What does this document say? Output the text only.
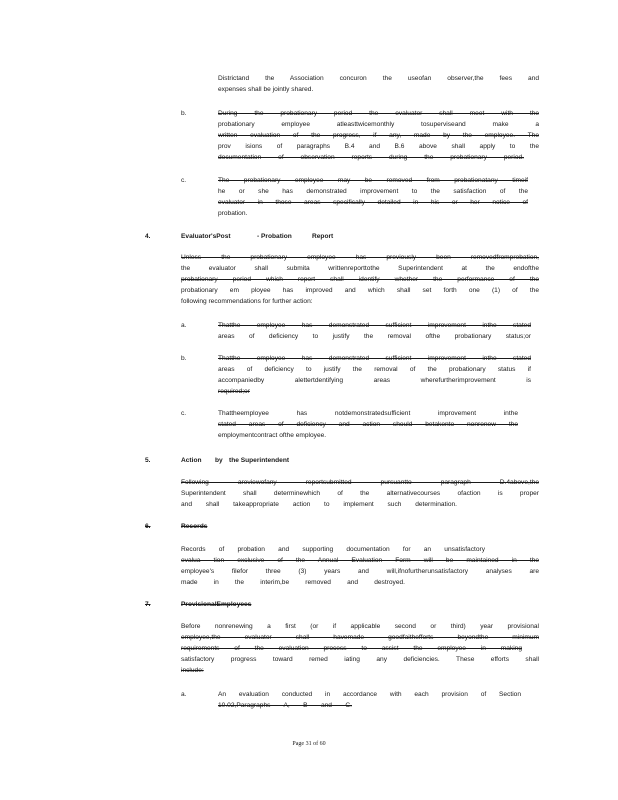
Districtand the Association concuron the useofan observer,the fees and

expenses shall be jointly shared.

b.	During the probationary period the evaluator shall meet with the

probationary employee atleasttwicemonthly tosuperviseand make a

written evaluation of the progress, if any, made by the employee. The

prov isions of paragraphs B.4 and B.6 above shall apply to the

documentation of observation reports during the probationary period.

c.	The probationary employee may be removed from probationatany timeif

he or she has demonstrated improvement to the satisfaction of the

evaluator in those areas specifically detailed in his or her notice of

probation.

4.	Evaluator'sPost	- Probation	Report

Unless the probationary employee has previously been removedfromprobation,

the evaluator shall submita writtenreporttothe Superintendent at the endofthe

probationary period which report shall identify whether the performance of the

probationary em ployee has improved and which shall set forth one (1) of the

following recommendations for further action:

a.	Thatthe employee has demonstrated sufficient improvement inthe stated

areas of deficiency to justify the removal ofthe probationary status;or

b.	Thatthe employee has demonstrated sufficient improvement inthe stated

areas of deficiency to justify the removal of the probationary status if

accompaniedby alettertdentifying areas wherefurtherimprovement is

required;or

c.	Thattheemployee has notdemonstratedsufficient improvement inthe

stated areas of deficiency and action should betakento nonrenew the

employmentcontract ofthe employee.

5.	Action by the Superintendent

Following areviewofany reportsubmitted pursuantto paragraph D.4above,the

Superintendent shall determinewhich of the alternativecourses ofaction is proper

and shall takeappropriate action to implement such determination.

6.	Records

Records of probation and supporting documentation for an unsatisfactory

evalua tion exclusive of the Annual Evaluation Form will be maintained in the

employee's filefor three (3) years and will,ifnofurtherunsatisfactory analyses are

made in the interim,be removed and destroyed.

7.	ProvisionalEmployees

Before nonrenewing a first (or if applicable second or third) year provisional

employee,the evaluator shall havemade goodfaithefforts beyondthe minimum

requirements of the evaluation process to assist the employee in making

satisfactory progress toward remed iating any deficiencies. These efforts shall

include:

a.	An evaluation conducted in accordance with each provision of Section

10.02,Paragraphs A, B and C.

Page 31 of 60
